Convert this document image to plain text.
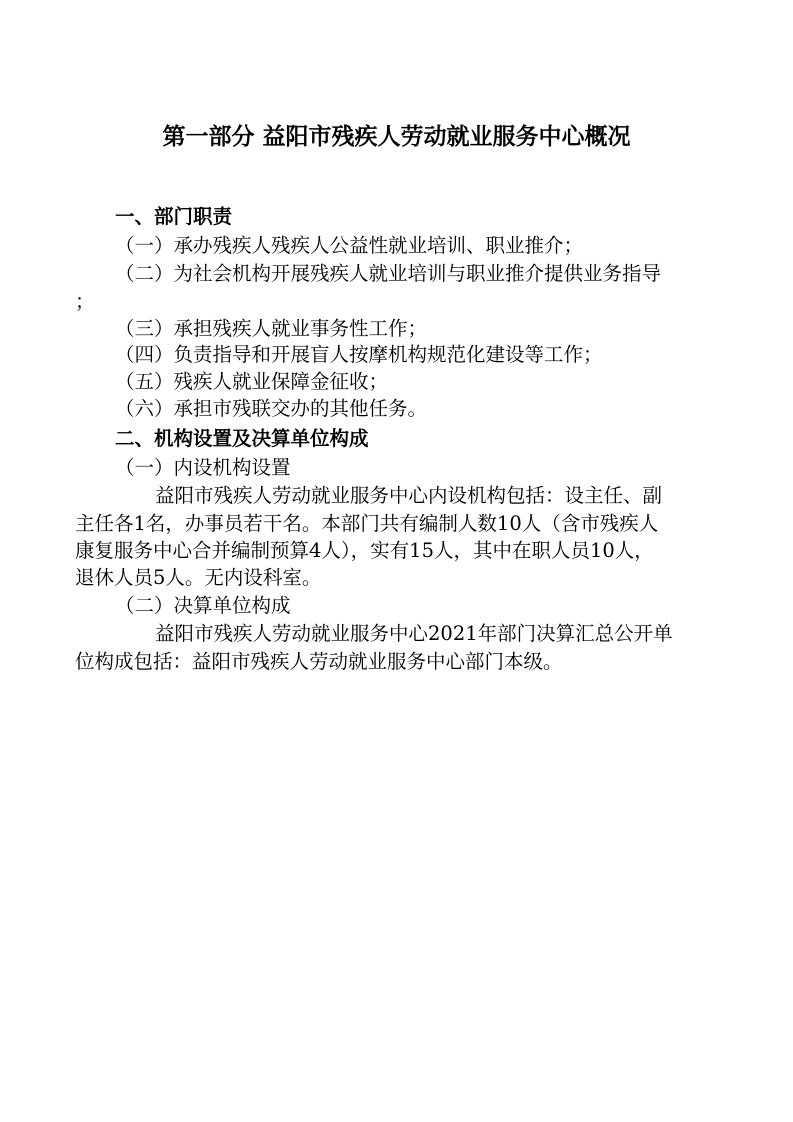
第一部分 益阳市残疾人劳动就业服务中心概况
一、部门职责
（一）承办残疾人残疾人公益性就业培训、职业推介；
（二）为社会机构开展残疾人就业培训与职业推介提供业务指导
；
（三）承担残疾人就业事务性工作；
（四）负责指导和开展盲人按摩机构规范化建设等工作；
（五）残疾人就业保障金征收；
（六）承担市残联交办的其他任务。
二、机构设置及决算单位构成
（一）内设机构设置
益阳市残疾人劳动就业服务中心内设机构包括：设主任、副
主任各1名，办事员若干名。本部门共有编制人数10人（含市残疾人
康复服务中心合并编制预算4人），实有15人，其中在职人员10人，
退休人员5人。无内设科室。
（二）决算单位构成
益阳市残疾人劳动就业服务中心2021年部门决算汇总公开单
位构成包括：益阳市残疾人劳动就业服务中心部门本级。
